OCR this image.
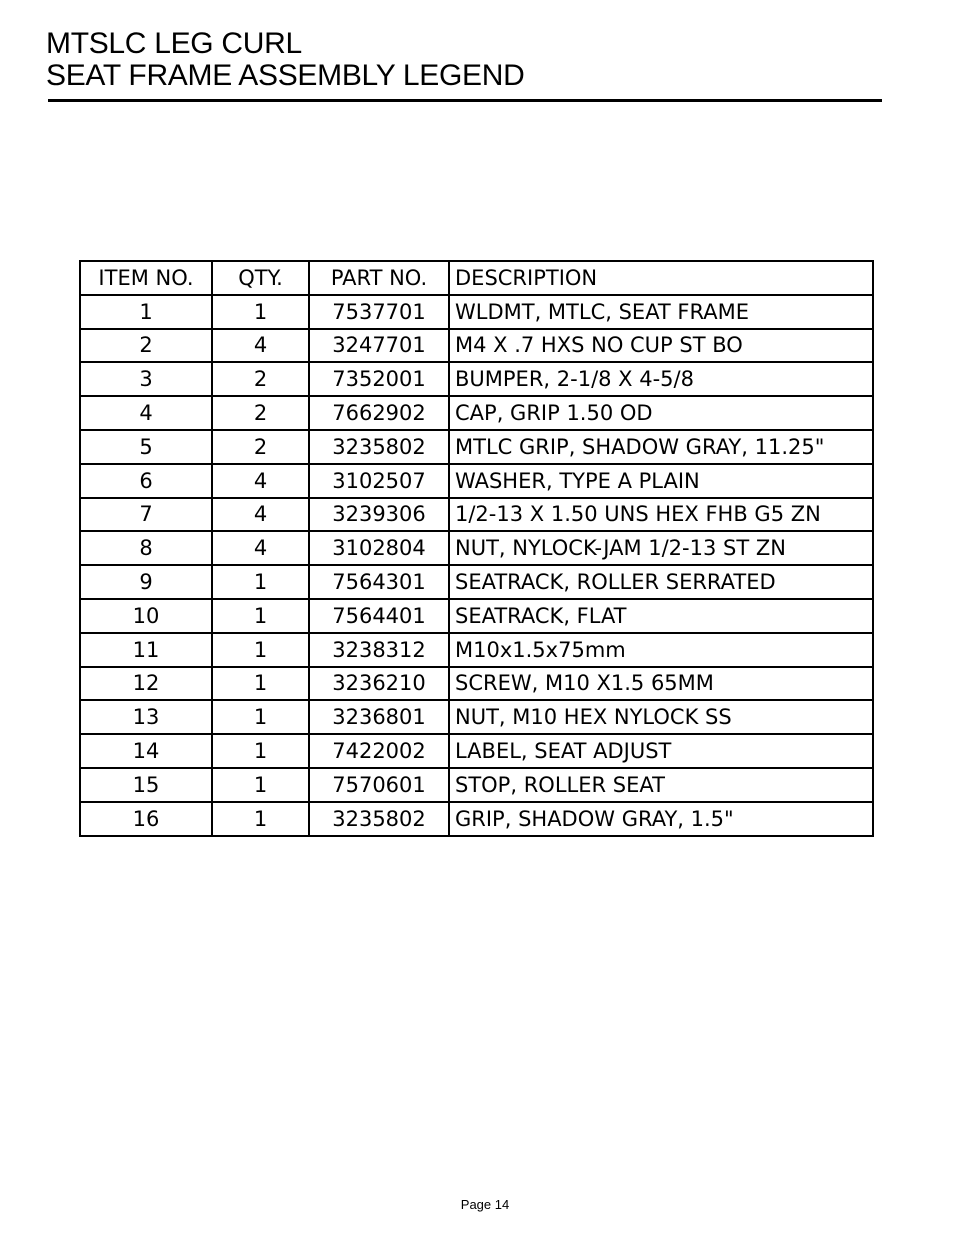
MTSLC LEG CURL
SEAT FRAME ASSEMBLY LEGEND
ITEM NO.	QTY.	PART NO.	DESCRIPTION
1	1	7537701	WLDMT, MTLC, SEAT FRAME
2	4	3247701	M4 X .7 HXS NO CUP ST BO
3	2	7352001	BUMPER, 2-1/8 X 4-5/8
4	2	7662902	CAP, GRIP 1.50 OD
5	2	3235802	MTLC GRIP, SHADOW GRAY, 11.25"
6	4	3102507	WASHER, TYPE A PLAIN
7	4	3239306	1/2-13 X 1.50 UNS HEX FHB G5 ZN
8	4	3102804	NUT, NYLOCK-JAM 1/2-13 ST ZN
9	1	7564301	SEATRACK, ROLLER SERRATED
10	1	7564401	SEATRACK, FLAT
11	1	3238312	M10x1.5x75mm
12	1	3236210	SCREW, M10 X1.5 65MM
13	1	3236801	NUT, M10 HEX NYLOCK SS
14	1	7422002	LABEL, SEAT ADJUST
15	1	7570601	STOP, ROLLER SEAT
16	1	3235802	GRIP, SHADOW GRAY, 1.5"
Page 14
